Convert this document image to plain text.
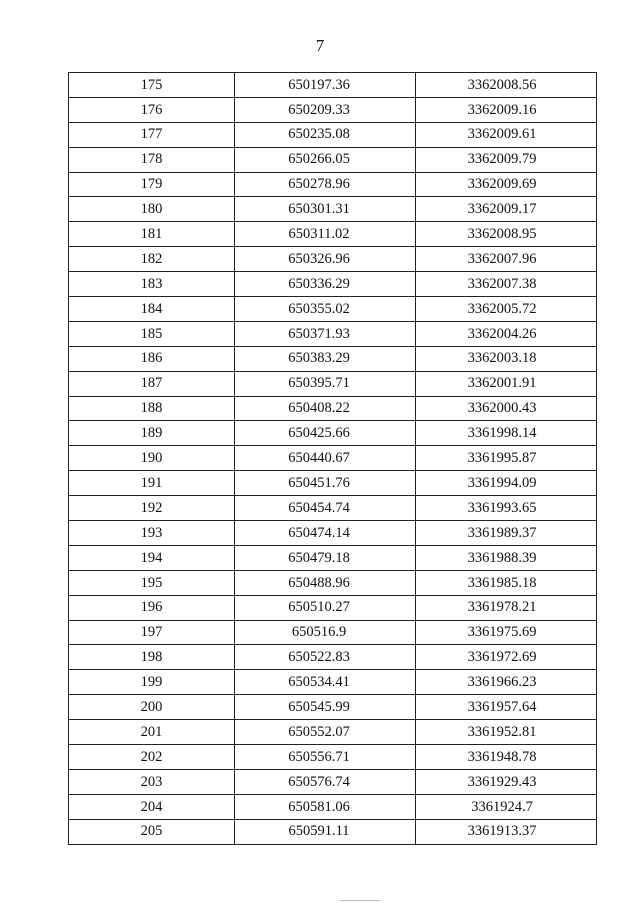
7
175	650197.36	3362008.56
176	650209.33	3362009.16
177	650235.08	3362009.61
178	650266.05	3362009.79
179	650278.96	3362009.69
180	650301.31	3362009.17
181	650311.02	3362008.95
182	650326.96	3362007.96
183	650336.29	3362007.38
184	650355.02	3362005.72
185	650371.93	3362004.26
186	650383.29	3362003.18
187	650395.71	3362001.91
188	650408.22	3362000.43
189	650425.66	3361998.14
190	650440.67	3361995.87
191	650451.76	3361994.09
192	650454.74	3361993.65
193	650474.14	3361989.37
194	650479.18	3361988.39
195	650488.96	3361985.18
196	650510.27	3361978.21
197	650516.9	3361975.69
198	650522.83	3361972.69
199	650534.41	3361966.23
200	650545.99	3361957.64
201	650552.07	3361952.81
202	650556.71	3361948.78
203	650576.74	3361929.43
204	650581.06	3361924.7
205	650591.11	3361913.37
